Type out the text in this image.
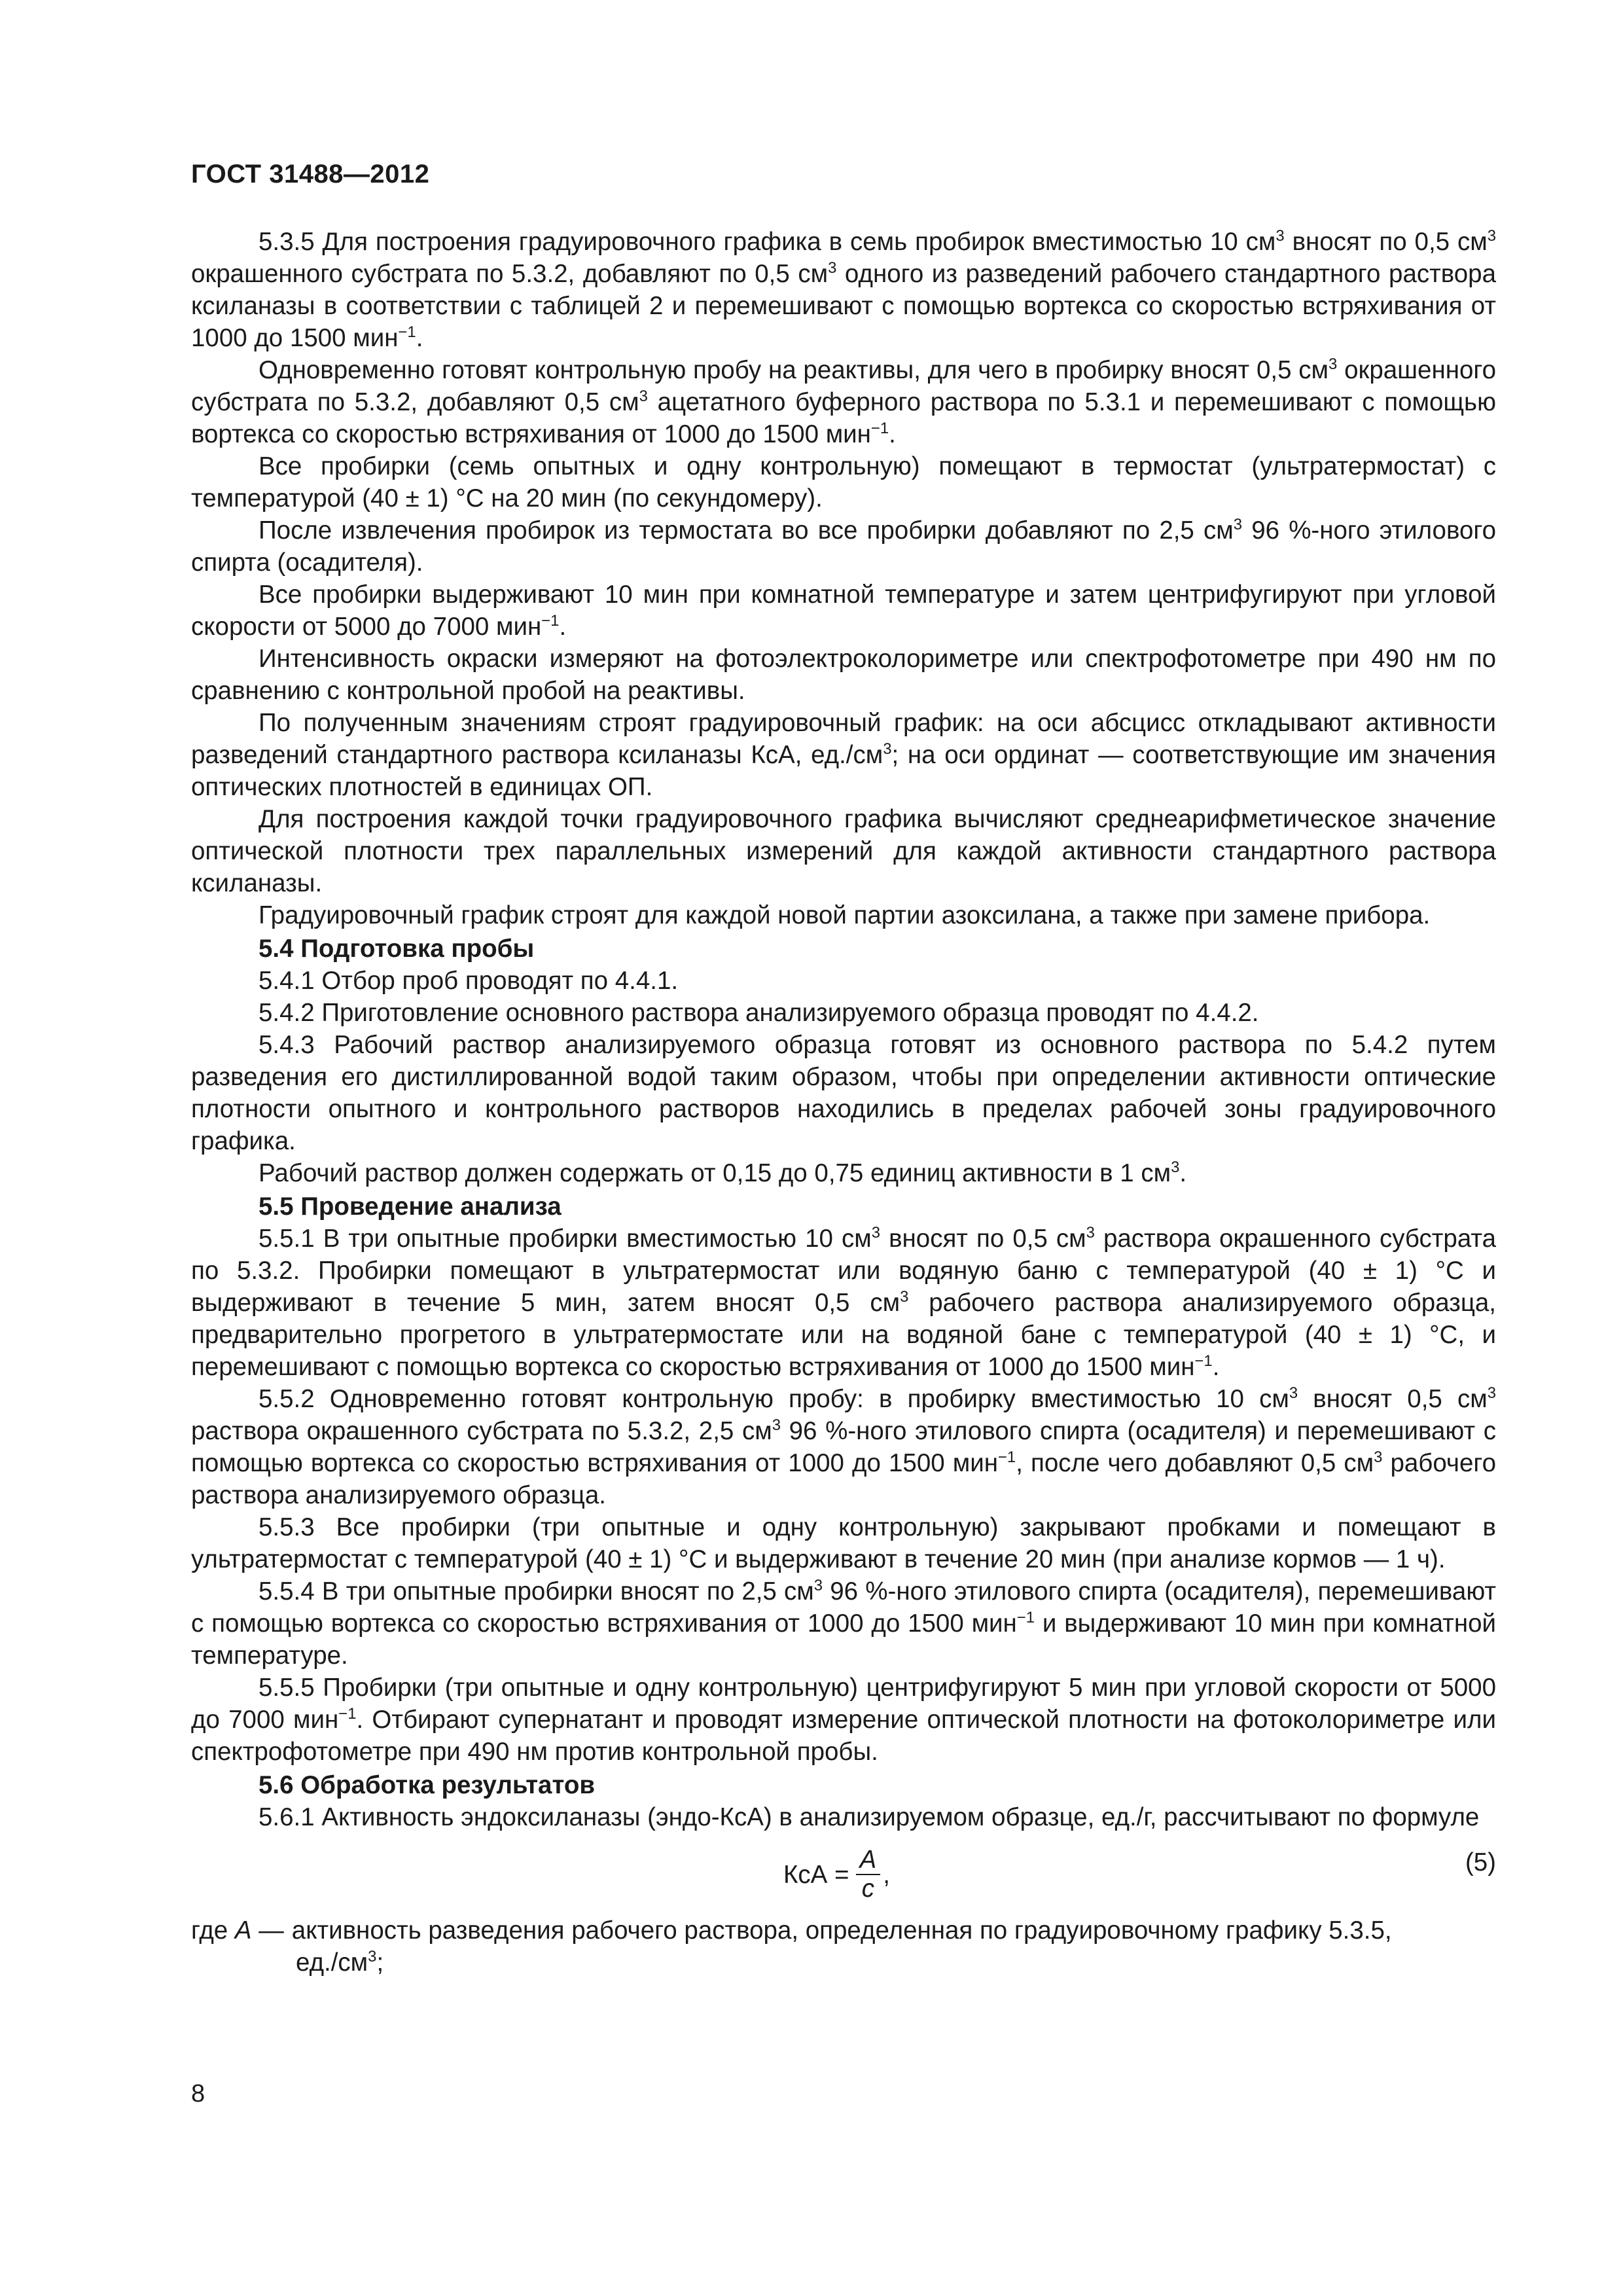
ГОСТ 31488—2012

5.3.5 Для построения градуировочного графика в семь пробирок вместимостью 10 $см^3$ вносят по 0,5 $см^3$ окрашенного субстрата по 5.3.2, добавляют по 0,5 $см^3$ одного из разведений рабочего стандартного раствора ксиланазы в соответствии с таблицей 2 и перемешивают с помощью вортекса со скоростью встряхивания от 1000 до 1500 мин$^{-1}$.

Одновременно готовят контрольную пробу на реактивы, для чего в пробирку вносят 0,5 $см^3$ окрашенного субстрата по 5.3.2, добавляют 0,5 $см^3$ ацетатного буферного раствора по 5.3.1 и перемешивают с помощью вортекса со скоростью встряхивания от 1000 до 1500 мин$^{-1}$.

Все пробирки (семь опытных и одну контрольную) помещают в термостат (ультратермостат) с температурой (40 ± 1) °С на 20 мин (по секундомеру).

После извлечения пробирок из термостата во все пробирки добавляют по 2,5 $см^3$ 96 %-ного этилового спирта (осадителя).

Все пробирки выдерживают 10 мин при комнатной температуре и затем центрифугируют при угловой скорости от 5000 до 7000 мин$^{-1}$.

Интенсивность окраски измеряют на фотоэлектроколориметре или спектрофотометре при 490 нм по сравнению с контрольной пробой на реактивы.

По полученным значениям строят градуировочный график: на оси абсцисс откладывают активности разведений стандартного раствора ксиланазы КсА, $ед./см^3$; на оси ординат — соответствующие им значения оптических плотностей в единицах ОП.

Для построения каждой точки градуировочного графика вычисляют среднеарифметическое значение оптической плотности трех параллельных измерений для каждой активности стандартного раствора ксиланазы.

Градуировочный график строят для каждой новой партии азоксилана, а также при замене прибора.

5.4 Подготовка пробы

5.4.1 Отбор проб проводят по 4.4.1.

5.4.2 Приготовление основного раствора анализируемого образца проводят по 4.4.2.

5.4.3 Рабочий раствор анализируемого образца готовят из основного раствора по 5.4.2 путем разведения его дистиллированной водой таким образом, чтобы при определении активности оптические плотности опытного и контрольного растворов находились в пределах рабочей зоны градуировочного графика.

Рабочий раствор должен содержать от 0,15 до 0,75 единиц активности в 1 $см^3$.

5.5 Проведение анализа

5.5.1 В три опытные пробирки вместимостью 10 $см^3$ вносят по 0,5 $см^3$ раствора окрашенного субстрата по 5.3.2. Пробирки помещают в ультратермостат или водяную баню с температурой (40 ± 1) °С и выдерживают в течение 5 мин, затем вносят 0,5 $см^3$ рабочего раствора анализируемого образца, предварительно прогретого в ультратермостате или на водяной бане с температурой (40 ± 1) °С, и перемешивают с помощью вортекса со скоростью встряхивания от 1000 до 1500 мин$^{-1}$.

5.5.2 Одновременно готовят контрольную пробу: в пробирку вместимостью 10 $см^3$ вносят 0,5 $см^3$ раствора окрашенного субстрата по 5.3.2, 2,5 $см^3$ 96 %-ного этилового спирта (осадителя) и перемешивают с помощью вортекса со скоростью встряхивания от 1000 до 1500 мин$^{-1}$, после чего добавляют 0,5 $см^3$ рабочего раствора анализируемого образца.

5.5.3 Все пробирки (три опытные и одну контрольную) закрывают пробками и помещают в ультратермостат с температурой (40 ± 1) °С и выдерживают в течение 20 мин (при анализе кормов — 1 ч).

5.5.4 В три опытные пробирки вносят по 2,5 $см^3$ 96 %-ного этилового спирта (осадителя), перемешивают с помощью вортекса со скоростью встряхивания от 1000 до 1500 мин$^{-1}$ и выдерживают 10 мин при комнатной температуре.

5.5.5 Пробирки (три опытные и одну контрольную) центрифугируют 5 мин при угловой скорости от 5000 до 7000 мин$^{-1}$. Отбирают супернатант и проводят измерение оптической плотности на фотоколориметре или спектрофотометре при 490 нм против контрольной пробы.

5.6 Обработка результатов

5.6.1 Активность эндоксиланазы (эндо-КсА) в анализируемом образце, ед./г, рассчитывают по формуле

КсА = $\frac{A}{c}$ ,	(5)
где A — активность разведения рабочего раствора, определенная по градуировочному графику 5.3.5,
$ед./см^3$;
8
